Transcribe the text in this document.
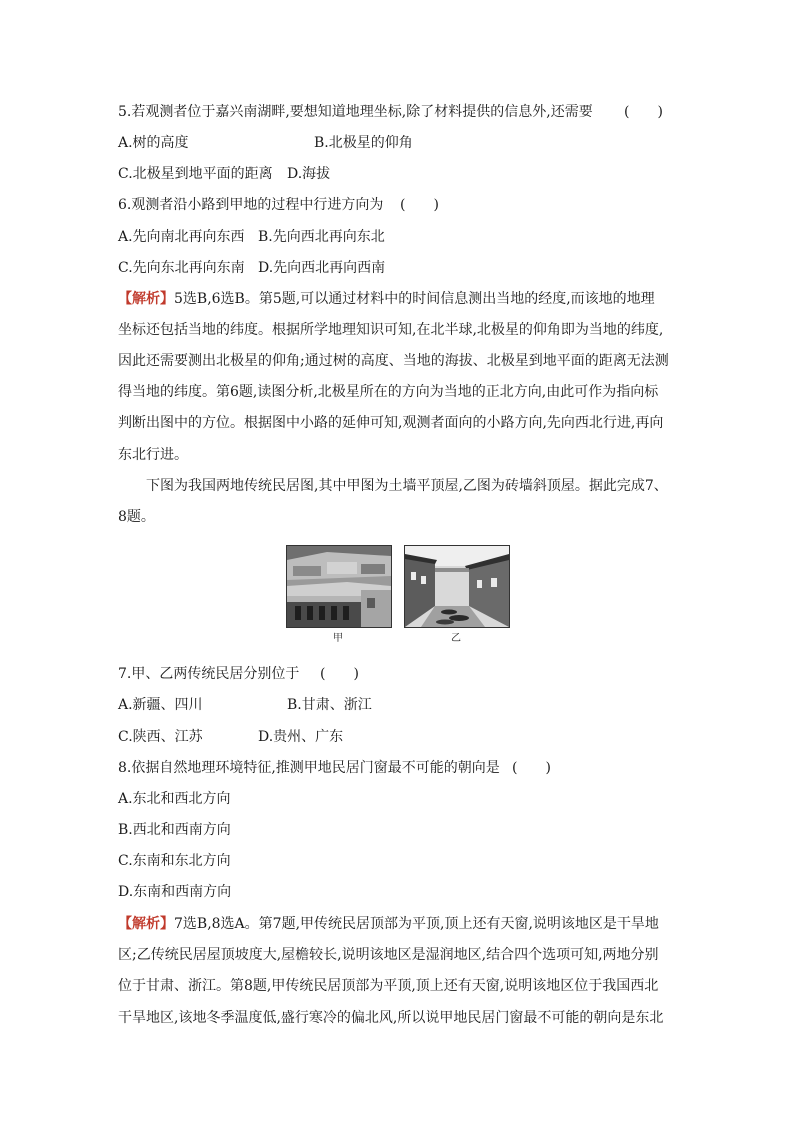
5.若观测者位于嘉兴南湖畔,要想知道地理坐标,除了材料提供的信息外,还需要 (　　)
A.树的高度	B.北极星的仰角
C.北极星到地平面的距离 D.海拔
6.观测者沿小路到甲地的过程中行进方向为 (　　)
A.先向南北再向东西 B.先向西北再向东北
C.先向东北再向东南 D.先向西北再向西南
【解析】5选B,6选B。第5题,可以通过材料中的时间信息测出当地的经度,而该地的地理
坐标还包括当地的纬度。根据所学地理知识可知,在北半球,北极星的仰角即为当地的纬度,
因此还需要测出北极星的仰角;通过树的高度、当地的海拔、北极星到地平面的距离无法测
得当地的纬度。第6题,读图分析,北极星所在的方向为当地的正北方向,由此可作为指向标
判断出图中的方位。根据图中小路的延伸可知,观测者面向的小路方向,先向西北行进,再向
东北行进。
下图为我国两地传统民居图,其中甲图为土墙平顶屋,乙图为砖墙斜顶屋。据此完成7、
8题。
甲	乙
7.甲、乙两传统民居分别位于 (　　)
A.新疆、四川	B.甘肃、浙江
C.陕西、江苏	D.贵州、广东
8.依据自然地理环境特征,推测甲地民居门窗最不可能的朝向是 (　　)
A.东北和西北方向
B.西北和西南方向
C.东南和东北方向
D.东南和西南方向
【解析】7选B,8选A。第7题,甲传统民居顶部为平顶,顶上还有天窗,说明该地区是干旱地
区;乙传统民居屋顶坡度大,屋檐较长,说明该地区是湿润地区,结合四个选项可知,两地分别
位于甘肃、浙江。第8题,甲传统民居顶部为平顶,顶上还有天窗,说明该地区位于我国西北
干旱地区,该地冬季温度低,盛行寒冷的偏北风,所以说甲地民居门窗最不可能的朝向是东北
